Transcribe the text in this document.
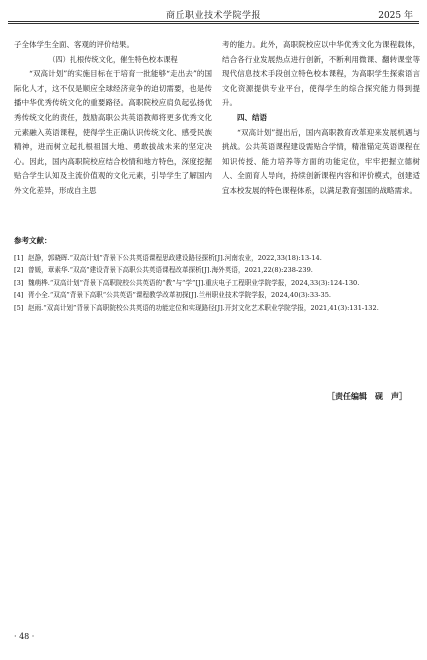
商丘职业技术学院学报	2025 年

子全体学生全面、客观的评价结果。

（四）扎根传统文化，催生特色校本课程

“双高计划”的实施目标在于培育一批能够“走出去”的国际化人才，这不仅是顺应全球经济竞争的迫切需要，也是传播中华优秀传统文化的重要路径。高职院校应肩负起弘扬优秀传统文化的责任，鼓励高职公共英语教师将更多优秀文化元素融入英语课程，使得学生正确认识传统文化、感受民族精神，进而树立起扎根祖国大地、勇敢拔战未来的坚定决心。因此，国内高职院校应结合校情和地方特色，深度挖掘贴合学生认知及主流价值观的文化元素，引导学生了解国内外文化差异，形成自主思

考的能力。此外，高职院校应以中华优秀文化为课程载体，结合各行业发展热点进行创新，不断利用微课、翻转课堂等现代信息技术手段创立特色校本课程，为高职学生探索语言文化资源提供专业平台，使得学生的综合探究能力得到提升。

四、结语

“双高计划”提出后，国内高职教育改革迎来发展机遇与挑战。公共英语课程建设需贴合学情，精准锚定英语课程在知识传授、能力培养等方面的功能定位，牢牢把握立德树人、全面育人导向，持续创新课程内容和评价模式，创建适宜本校发展的特色课程体系，以满足教育强国的战略需求。

参考文献：
[1] 赵静，郭晓晖.“双高计划”背景下公共英语课程思政建设路径探析[J].河南农业，2022,33(18):13-14.
[2] 曾媛，章素华.“双高”建设背景下高职公共英语课程改革探析[J].海外英语，2021,22(8):238-239.
[3] 魏萌桦.“双高计划”背景下高职院校公共英语的“教”与“学”[J].重庆电子工程职业学院学报，2024,33(3):124-130.
[4] 胥小全.“双高”背景下高职“公共英语”课程教学改革初探[J].兰州职业技术学院学报，2024,40(3):33-35.
[5] 赵雨.“双高计划”背景下高职院校公共英语的功能定位和实现路径[J].开封文化艺术职业学院学报，2021,41(3):131-132.
［责任编辑　砚　声］
· 48 ·
